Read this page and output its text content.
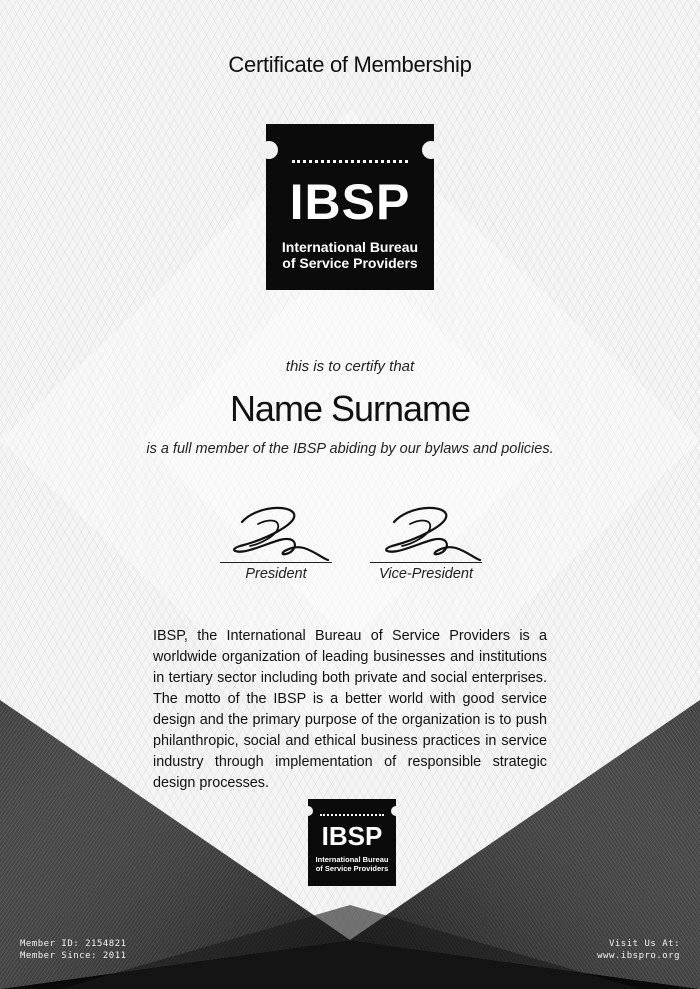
Certificate of Membership
IBSP
International Bureau
of Service Providers
this is to certify that
Name Surname
is a full member of the IBSP abiding by our bylaws and policies.
President	Vice-President
IBSP, the International Bureau of Service Providers is a worldwide organization of leading businesses and institutions in tertiary sector including both private and social enterprises. The motto of the IBSP is a better world with good service design and the primary purpose of the organization is to push philanthropic, social and ethical business practices in service industry through implementation of responsible strategic design processes.
IBSP
International Bureau
of Service Providers
Member ID: 2154821
Member Since: 2011
Visit Us At:
www.ibspro.org
